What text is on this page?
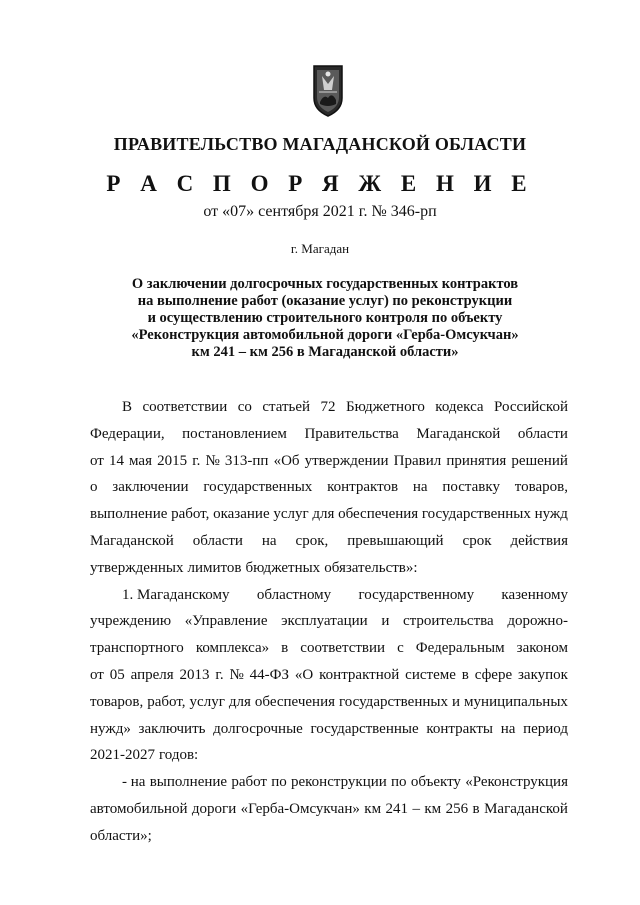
ПРАВИТЕЛЬСТВО МАГАДАНСКОЙ ОБЛАСТИ
Р А С П О Р Я Ж Е Н И Е
от «07» сентября 2021 г. № 346-рп
г. Магадан
О заключении долгосрочных государственных контрактов
на выполнение работ (оказание услуг) по реконструкции
и осуществлению строительного контроля по объекту
«Реконструкция автомобильной дороги «Герба-Омсукчан»
км 241 – км 256 в Магаданской области»
В соответствии со статьей 72 Бюджетного кодекса Российской
Федерации, постановлением Правительства Магаданской области
от 14 мая 2015 г. № 313-пп «Об утверждении Правил принятия решений
о заключении государственных контрактов на поставку товаров,
выполнение работ, оказание услуг для обеспечения государственных нужд
Магаданской области на срок, превышающий срок действия
утвержденных лимитов бюджетных обязательств»:
1. Магаданскому областному государственному казенному
учреждению «Управление эксплуатации и строительства дорожно-
транспортного комплекса» в соответствии с Федеральным законом
от 05 апреля 2013 г. № 44-ФЗ «О контрактной системе в сфере закупок
товаров, работ, услуг для обеспечения государственных и муниципальных
нужд» заключить долгосрочные государственные контракты на период
2021-2027 годов:
- на выполнение работ по реконструкции по объекту «Реконструкция
автомобильной дороги «Герба-Омсукчан» км 241 – км 256 в Магаданской
области»;
